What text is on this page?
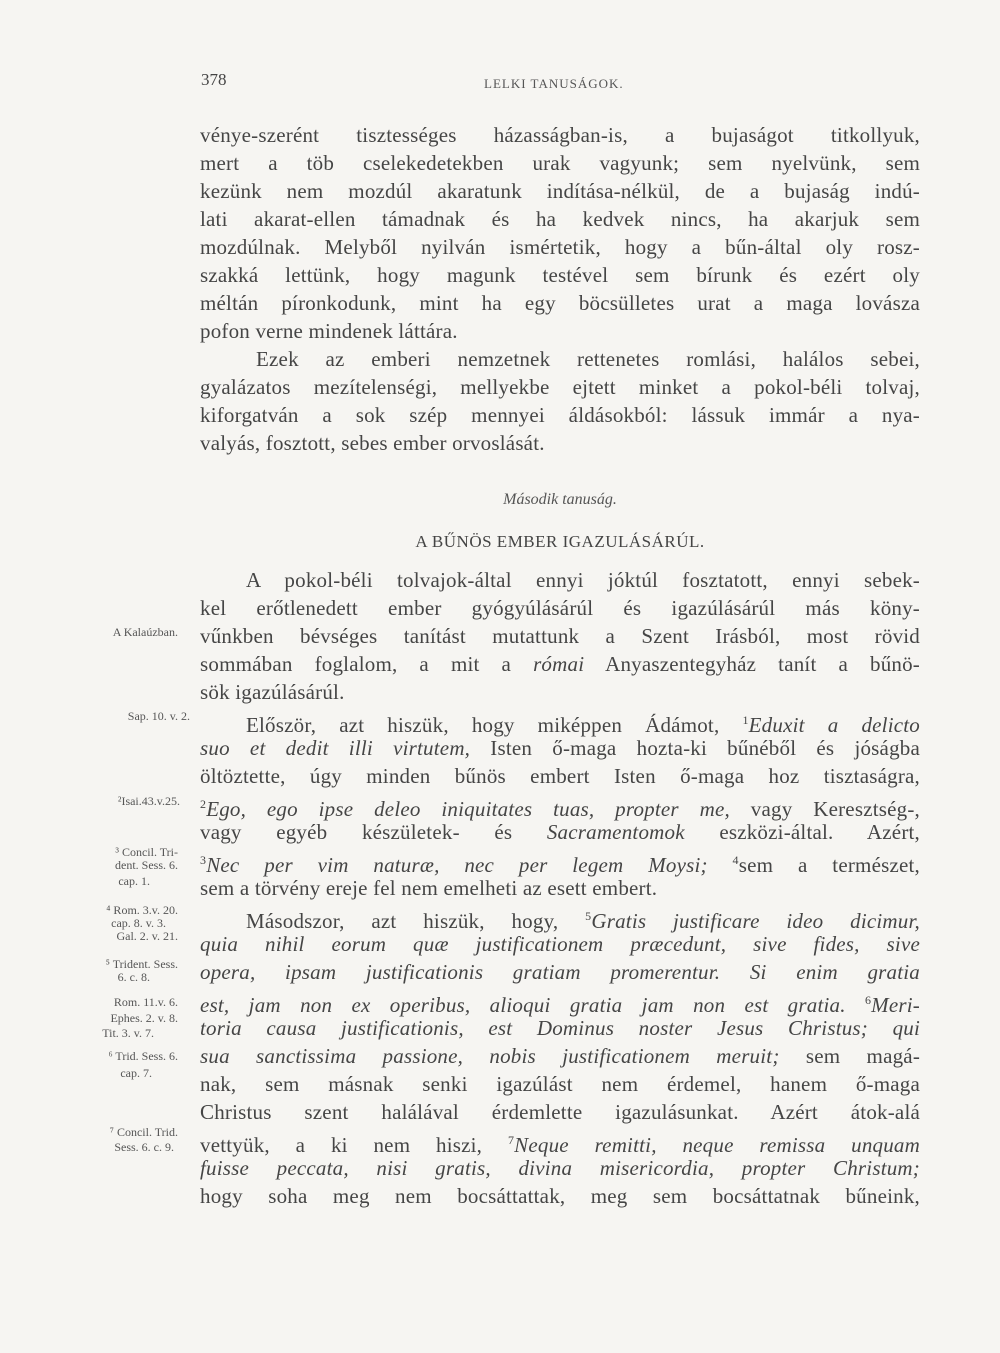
378	LELKI TANUSÁGOK.
vénye-szerént tisztességes házasságban-is, a bujaságot titkollyuk,
mert a töb cselekedetekben urak vagyunk; sem nyelvünk, sem
kezünk nem mozdúl akaratunk indítása-nélkül, de a bujaság indú-
lati akarat-ellen támadnak és ha kedvek nincs, ha akarjuk sem
mozdúlnak. Melyből nyilván ismértetik, hogy a bűn-által oly rosz-
szakká lettünk, hogy magunk testével sem bírunk és ezért oly
méltán píronkodunk, mint ha egy böcsülletes urat a maga lovásza
pofon verne mindenek láttára.
Ezek az emberi nemzetnek rettenetes romlási, halálos sebei,
gyalázatos mezítelenségi, mellyekbe ejtett minket a pokol-béli tolvaj,
kiforgatván a sok szép mennyei áldásokból: lássuk immár a nya-
valyás, fosztott, sebes ember orvoslását.
Második tanuság.
A BŰNÖS EMBER IGAZULÁSÁRÚL.
A pokol-béli tolvajok-által ennyi jóktúl fosztatott, ennyi sebek-
kel erőtlenedett ember gyógyúlásárúl és igazúlásárúl más köny-
vűnkben bévséges tanítást mutattunk a Szent Irásból, most rövid
sommában foglalom, a mit a római Anyaszentegyház tanít a bűnö-
sök igazúlásárúl.
Először, azt hiszük, hogy miképpen Ádámot, $^1$Eduxit a delicto
suo et dedit illi virtutem, Isten ő-maga hozta-ki bűnéből és jóságba
öltöztette, úgy minden bűnös embert Isten ő-maga hoz tisztaságra,
$^2$Ego, ego ipse deleo iniquitates tuas, propter me, vagy Keresztség-,
vagy egyéb készületek- és Sacramentomok eszközi-által. Azért,
$^3$Nec per vim naturæ, nec per legem Moysi; $^4$sem a természet,
sem a törvény ereje fel nem emelheti az esett embert.
Másodszor, azt hiszük, hogy, $^5$Gratis justificare ideo dicimur,
quia nihil eorum quæ justificationem præcedunt, sive fides, sive
opera, ipsam justificationis gratiam promerentur. Si enim gratia
est, jam non ex operibus, alioqui gratia jam non est gratia. $^6$Meri-
toria causa justificationis, est Dominus noster Jesus Christus; qui
sua sanctissima passione, nobis justificationem meruit; sem magá-
nak, sem másnak senki igazúlást nem érdemel, hanem ő-maga
Christus szent halálával érdemlette igazulásunkat. Azért átok-alá
vettyük, a ki nem hiszi, $^7$Neque remitti, neque remissa unquam
fuisse peccata, nisi gratis, divina misericordia, propter Christum;
hogy soha meg nem bocsáttattak, meg sem bocsáttatnak bűneink,
A Kalaúzban.
Sap. 10. v. 2.
²Isai.43.v.25.
³ Concil. Tri-
dent. Sess. 6.
cap. 1.
⁴ Rom. 3.v. 20.
cap. 8. v. 3.
Gal. 2. v. 21.
⁵ Trident. Sess.
6. c. 8.
Rom. 11.v. 6.
Ephes. 2. v. 8.
Tit. 3. v. 7.
⁶ Trid. Sess. 6.
cap. 7.
⁷ Concil. Trid.
Sess. 6. c. 9.
